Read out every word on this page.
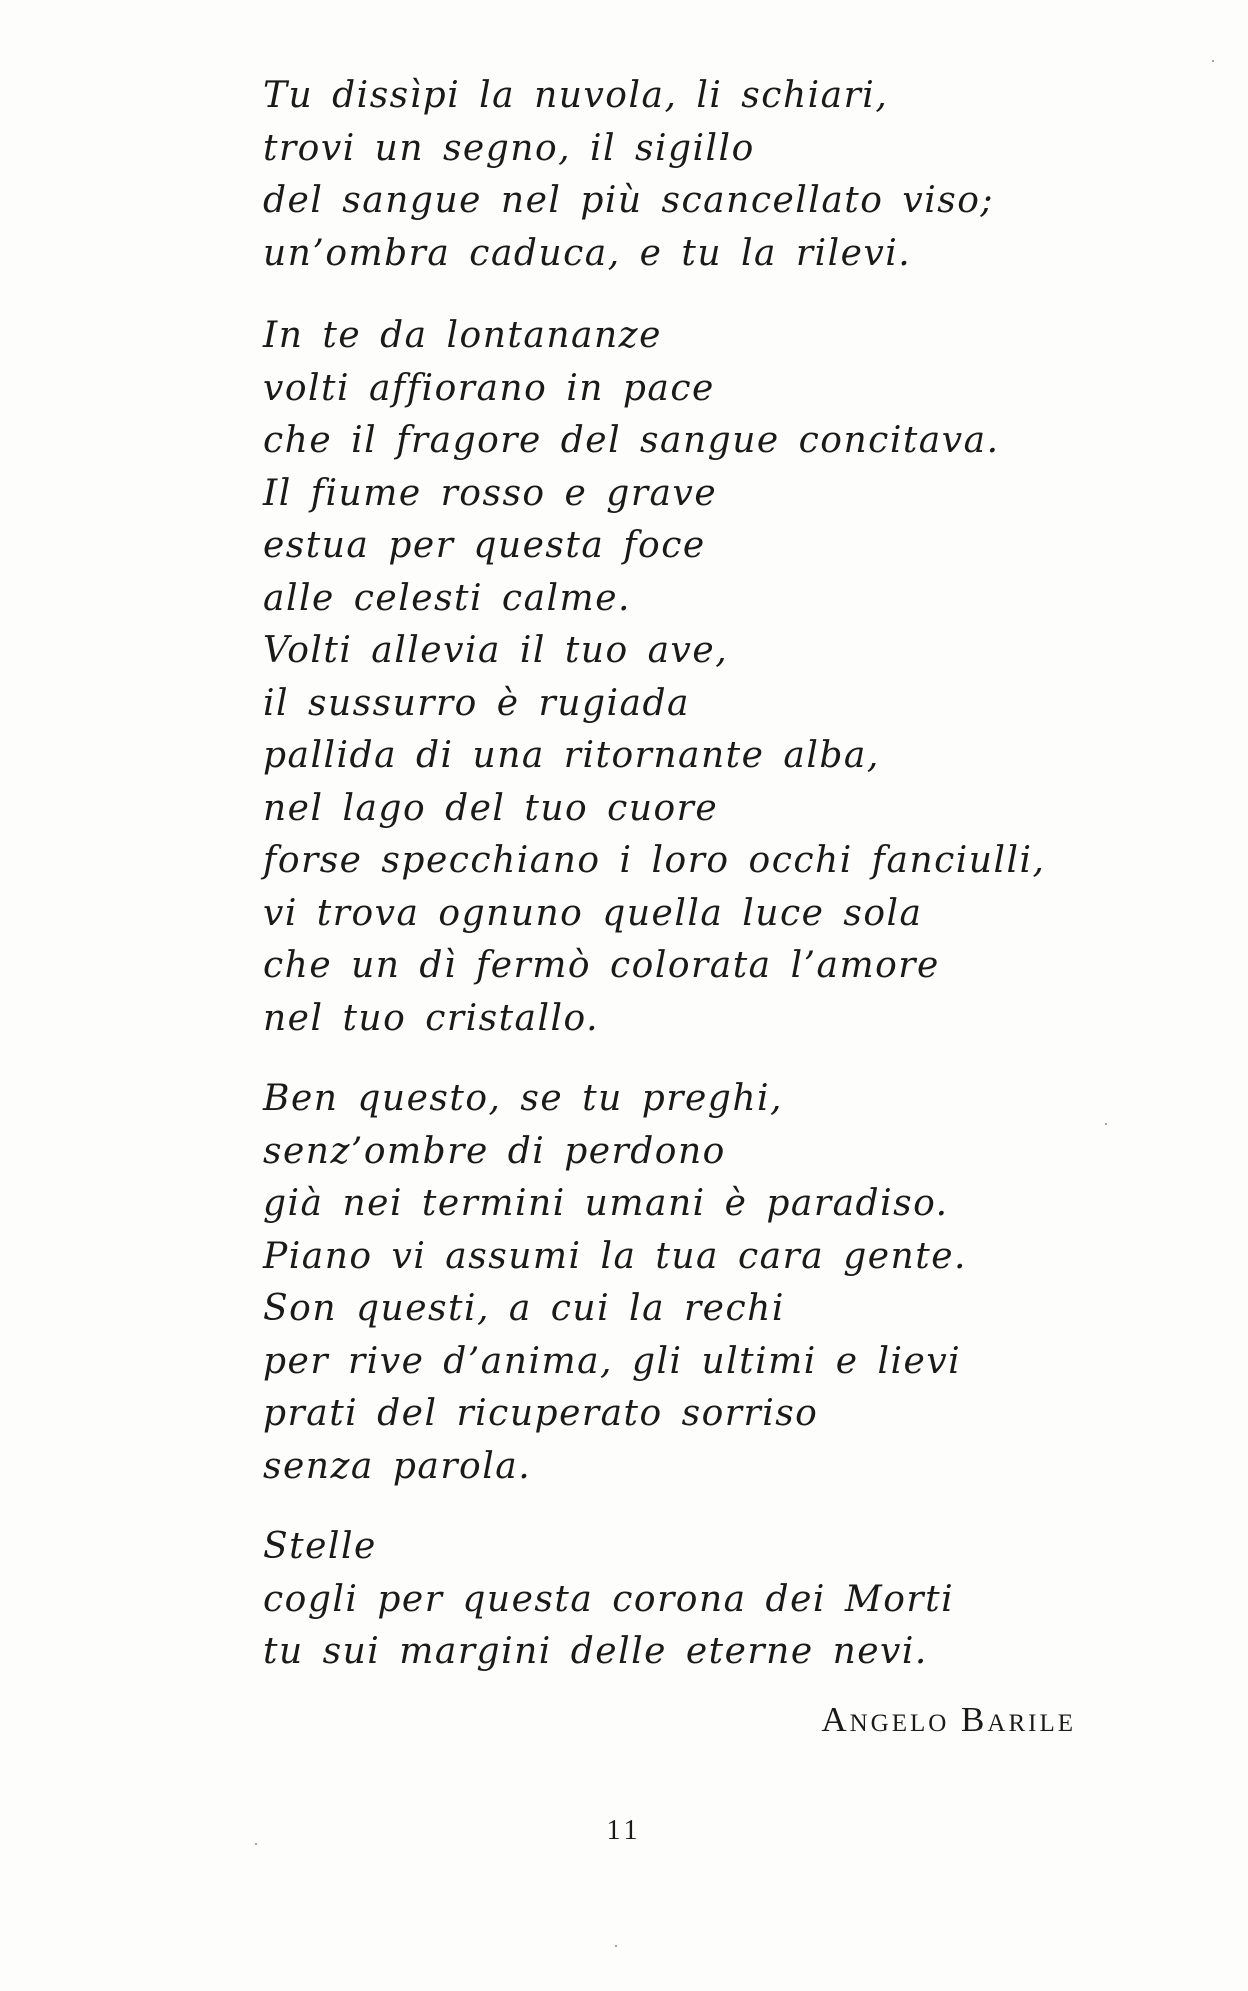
Tu dissìpi la nuvola, li schiari,
trovi un segno, il sigillo
del sangue nel più scancellato viso;
un’ombra caduca, e tu la rilevi.
In te da lontananze
volti affiorano in pace
che il fragore del sangue concitava.
Il fiume rosso e grave
estua per questa foce
alle celesti calme.
Volti allevia il tuo ave,
il sussurro è rugiada
pallida di una ritornante alba,
nel lago del tuo cuore
forse specchiano i loro occhi fanciulli,
vi trova ognuno quella luce sola
che un dì fermò colorata l’amore
nel tuo cristallo.
Ben questo, se tu preghi,
senz’ombre di perdono
già nei termini umani è paradiso.
Piano vi assumi la tua cara gente.
Son questi, a cui la rechi
per rive d’anima, gli ultimi e lievi
prati del ricuperato sorriso
senza parola.
Stelle
cogli per questa corona dei Morti
tu sui margini delle eterne nevi.
Angelo Barile
11
